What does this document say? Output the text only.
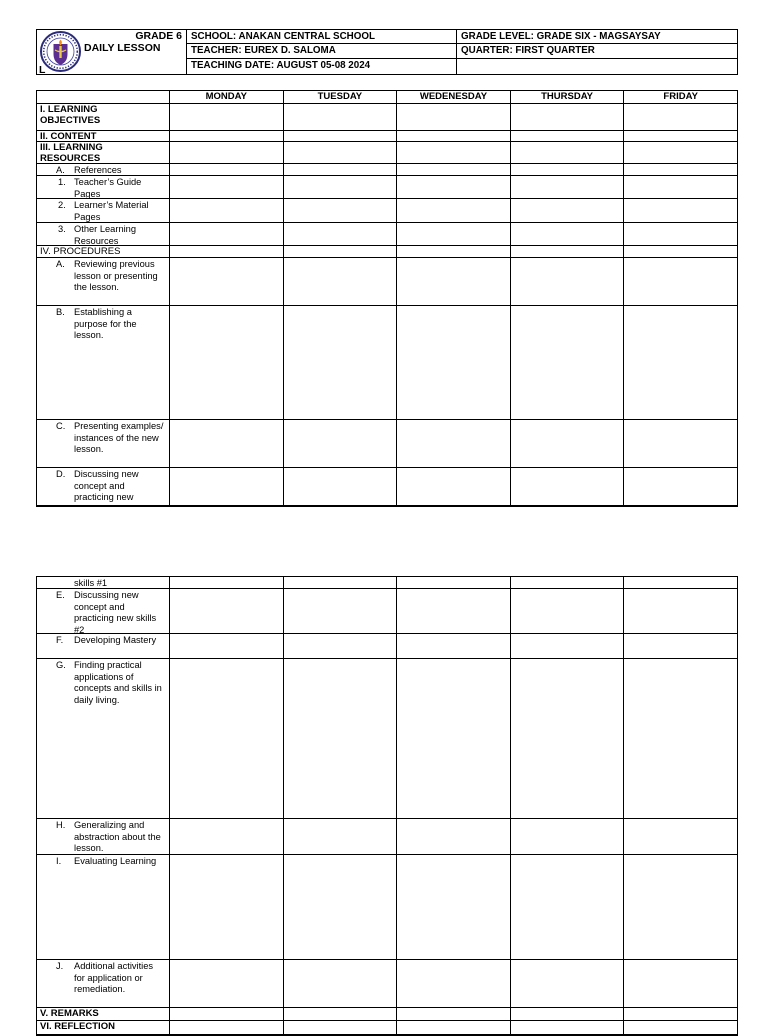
GRADE 6
DAILY LESSON
L
SCHOOL: ANAKAN CENTRAL SCHOOL
TEACHER: EUREX D. SALOMA
TEACHING DATE: AUGUST 05-08 2024
GRADE LEVEL: GRADE SIX - MAGSAYSAY
QUARTER: FIRST QUARTER
MONDAY	TUESDAY	WEDENESDAY	THURSDAY	FRIDAY
I. LEARNING OBJECTIVES
II. CONTENT
III. LEARNING RESOURCES
A. References
1. Teacher’s Guide Pages
2. Learner’s Material Pages
3. Other Learning Resources
IV. PROCEDURES
A. Reviewing previous lesson or presenting the lesson.
B. Establishing a purpose for the lesson.
C. Presenting examples/ instances of the new lesson.
D. Discussing new concept and practicing new
skills #1
E. Discussing new concept and practicing new skills #2
F.	Developing Mastery
G. Finding practical applications of concepts and skills in daily living.
H. Generalizing and abstraction about the lesson.
I.	Evaluating Learning
J.	Additional activities for application or remediation.
V. REMARKS
VI. REFLECTION
